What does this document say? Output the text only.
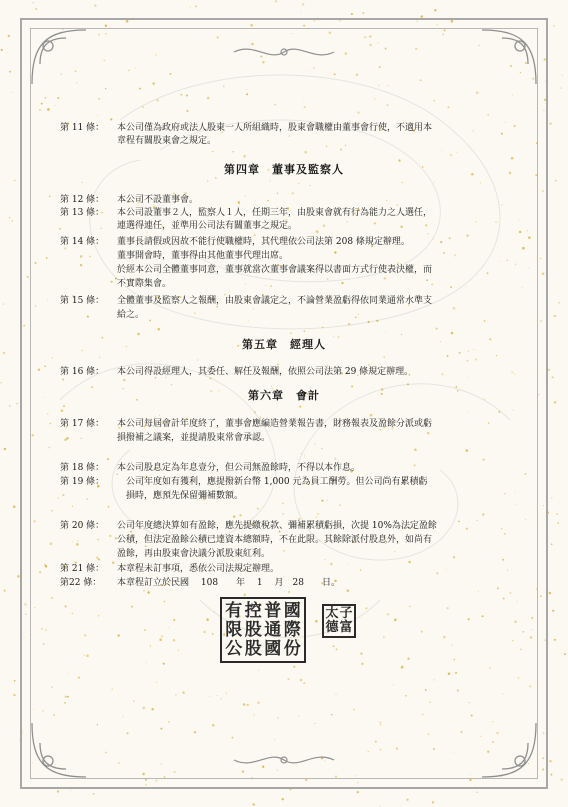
第 11 條：	本公司僅為政府或法人股東一人所組織時，股東會職權由董事會行使，不適用本
章程有關股東會之規定。
第四章　董事及監察人
第 12 條：	本公司不設董事會。
第 13 條：	本公司設董事２人，監察人１人，任期三年，由股東會就有行為能力之人選任，
連選得連任，並準用公司法有關董事之規定。
第 14 條：	董事長請假或因故不能行使職權時，其代理依公司法第 208 條規定辦理。
董事開會時，董事得由其他董事代理出席。
於經本公司全體董事同意，董事就當次董事會議案得以書面方式行使表決權，而
不實際集會。
第 15 條：	全體董事及監察人之報酬，由股東會議定之，不論營業盈虧得依同業通常水準支
給之。
第五章　經理人
第 16 條：	本公司得設經理人，其委任、解任及報酬，依照公司法第 29 條規定辦理。
第六章　會計
第 17 條：	本公司每屆會計年度終了，董事會應編造營業報告書，財務報表及盈餘分派或虧
損撥補之議案，並提請股東常會承認。
第 18 條：	本公司股息定為年息壹分，但公司無盈餘時，不得以本作息。
第 19 條：	公司年度如有獲利，應提撥新台幣 1,000 元為員工酬勞。但公司尚有累積虧
損時，應預先保留彌補數額。
第 20 條：	公司年度總決算如有盈餘，應先提繳稅款、彌補累積虧損，次提 10%為法定盈餘
公積，但法定盈餘公積已達資本總額時，不在此限。其餘除派付股息外，如尚有
盈餘，再由股東會決議分派股東紅利。
第 21 條：	本章程未訂事項，悉依公司法規定辦理。
第22 條：	本章程訂立於民國　 108　　年　 1　 月　28　　日。
有 控 普 國
限 股 通 際
公 股 國 份
太 子
德 富
